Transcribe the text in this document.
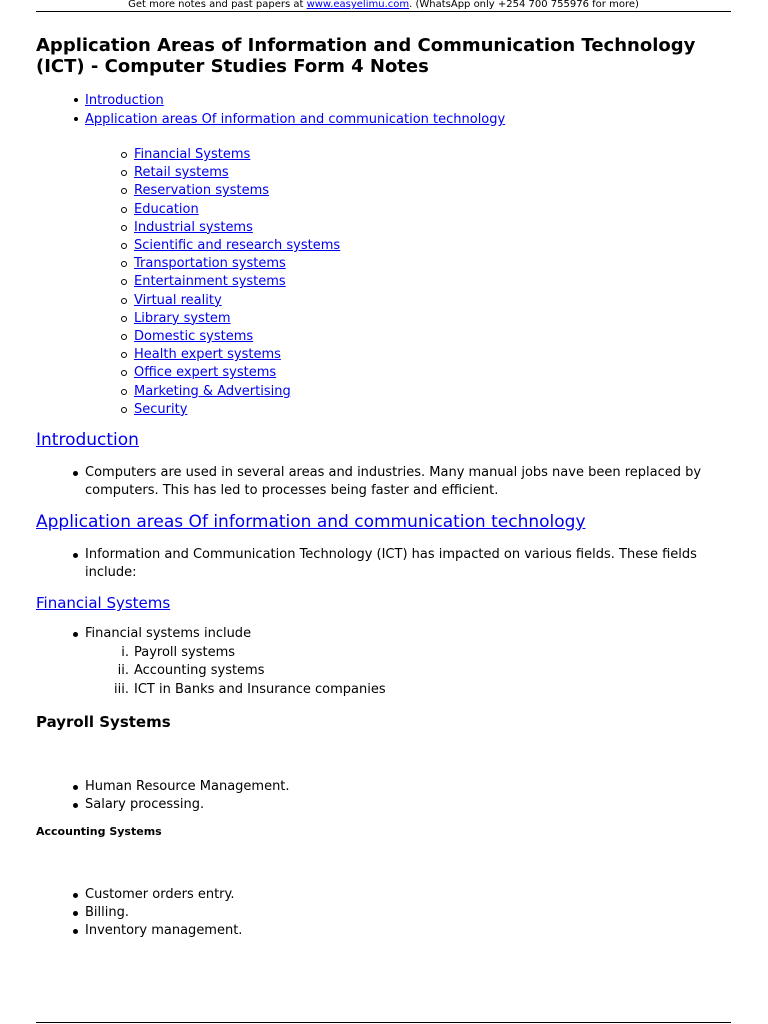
Get more notes and past papers at www.easyelimu.com. (WhatsApp only +254 700 755976 for more)
Application Areas of Information and Communication Technology (ICT) - Computer Studies Form 4 Notes
Introduction
Application areas Of information and communication technology
Financial Systems
Retail systems
Reservation systems
Education
Industrial systems
Scientific and research systems
Transportation systems
Entertainment systems
Virtual reality
Library system
Domestic systems
Health expert systems
Office expert systems
Marketing & Advertising
Security
Introduction
Computers are used in several areas and industries. Many manual jobs nave been replaced by computers. This has led to processes being faster and efficient.
Application areas Of information and communication technology
Information and Communication Technology (ICT) has impacted on various fields. These fields include:
Financial Systems
Financial systems include
i. Payroll systems
ii. Accounting systems
iii. ICT in Banks and Insurance companies
Payroll Systems
Human Resource Management.
Salary processing.
Accounting Systems
Customer orders entry.
Billing.
Inventory management.
